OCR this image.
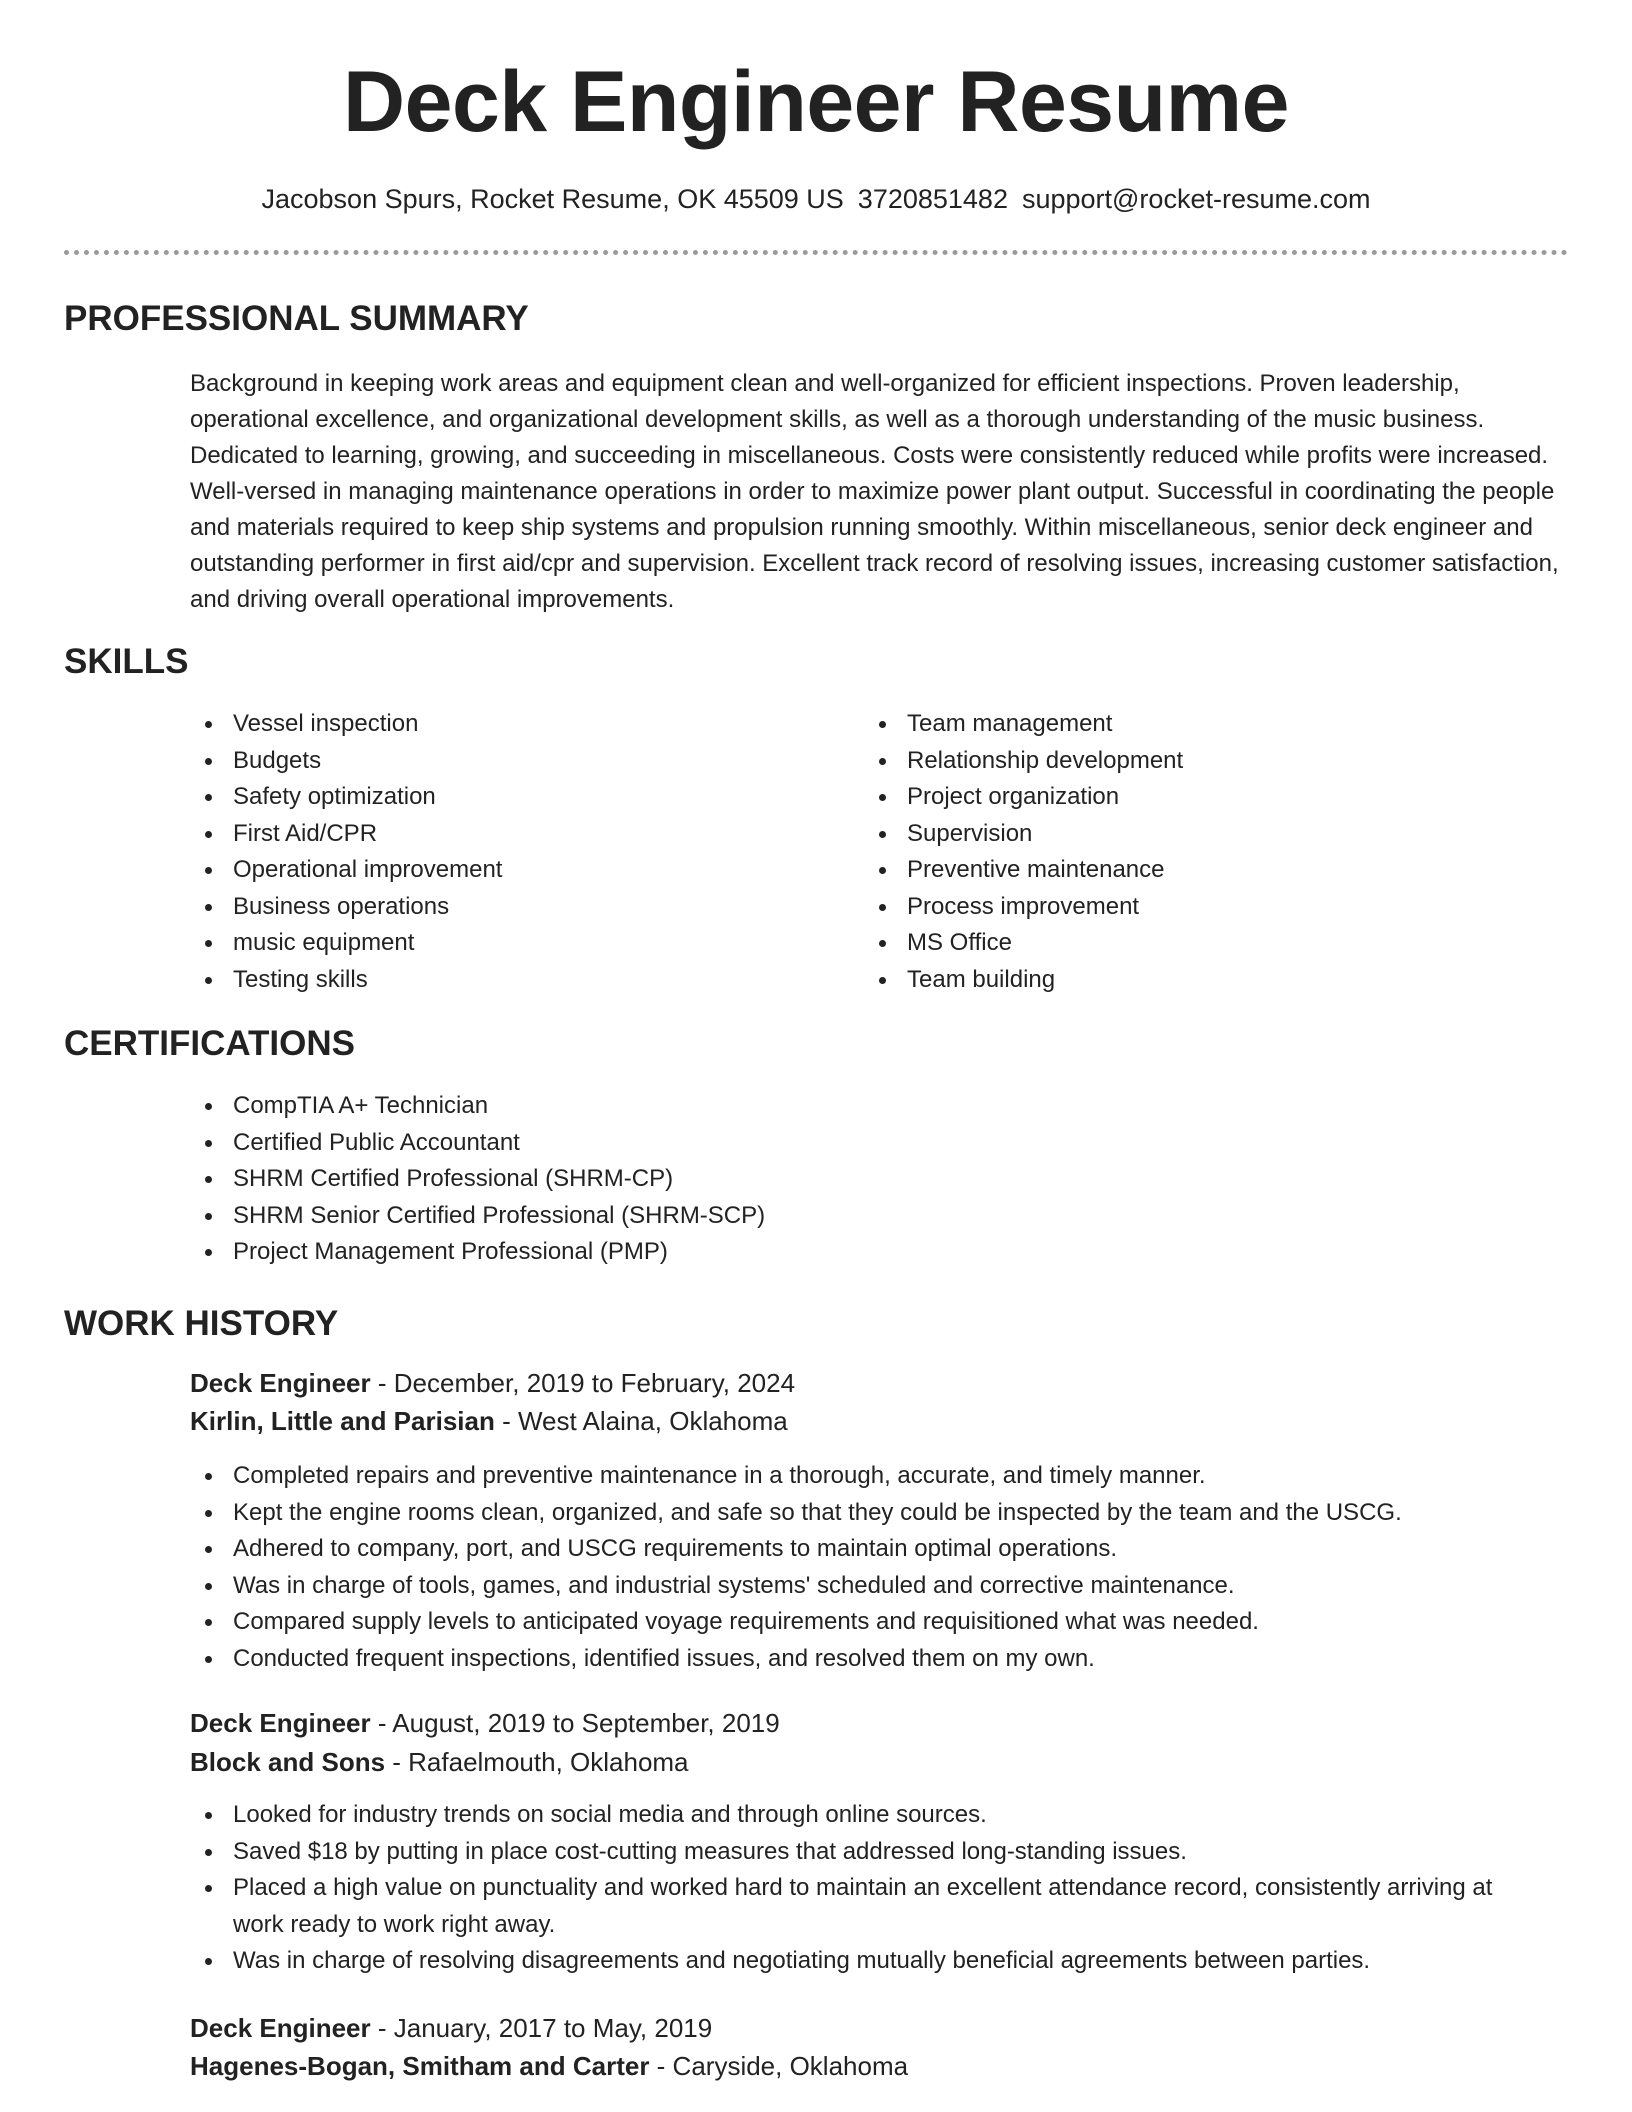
Deck Engineer Resume
Jacobson Spurs, Rocket Resume, OK 45509 US 3720851482 support@rocket-resume.com
PROFESSIONAL SUMMARY

Background in keeping work areas and equipment clean and well-organized for efficient inspections. Proven leadership, operational excellence, and organizational development skills, as well as a thorough understanding of the music business. Dedicated to learning, growing, and succeeding in miscellaneous. Costs were consistently reduced while profits were increased. Well-versed in managing maintenance operations in order to maximize power plant output. Successful in coordinating the people and materials required to keep ship systems and propulsion running smoothly. Within miscellaneous, senior deck engineer and outstanding performer in first aid/cpr and supervision. Excellent track record of resolving issues, increasing customer satisfaction, and driving overall operational improvements.

SKILLS
Vessel inspection
Budgets
Safety optimization
First Aid/CPR
Operational improvement
Business operations
music equipment
Testing skills
Team management
Relationship development
Project organization
Supervision
Preventive maintenance
Process improvement
MS Office
Team building
CERTIFICATIONS
CompTIA A+ Technician
Certified Public Accountant
SHRM Certified Professional (SHRM-CP)
SHRM Senior Certified Professional (SHRM-SCP)
Project Management Professional (PMP)
WORK HISTORY
Deck Engineer - December, 2019 to February, 2024
Kirlin, Little and Parisian - West Alaina, Oklahoma
Completed repairs and preventive maintenance in a thorough, accurate, and timely manner.
Kept the engine rooms clean, organized, and safe so that they could be inspected by the team and the USCG.
Adhered to company, port, and USCG requirements to maintain optimal operations.
Was in charge of tools, games, and industrial systems' scheduled and corrective maintenance.
Compared supply levels to anticipated voyage requirements and requisitioned what was needed.
Conducted frequent inspections, identified issues, and resolved them on my own.
Deck Engineer - August, 2019 to September, 2019
Block and Sons - Rafaelmouth, Oklahoma
Looked for industry trends on social media and through online sources.
Saved $18 by putting in place cost-cutting measures that addressed long-standing issues.
Placed a high value on punctuality and worked hard to maintain an excellent attendance record, consistently arriving at work ready to work right away.
Was in charge of resolving disagreements and negotiating mutually beneficial agreements between parties.
Deck Engineer - January, 2017 to May, 2019
Hagenes-Bogan, Smitham and Carter - Caryside, Oklahoma
